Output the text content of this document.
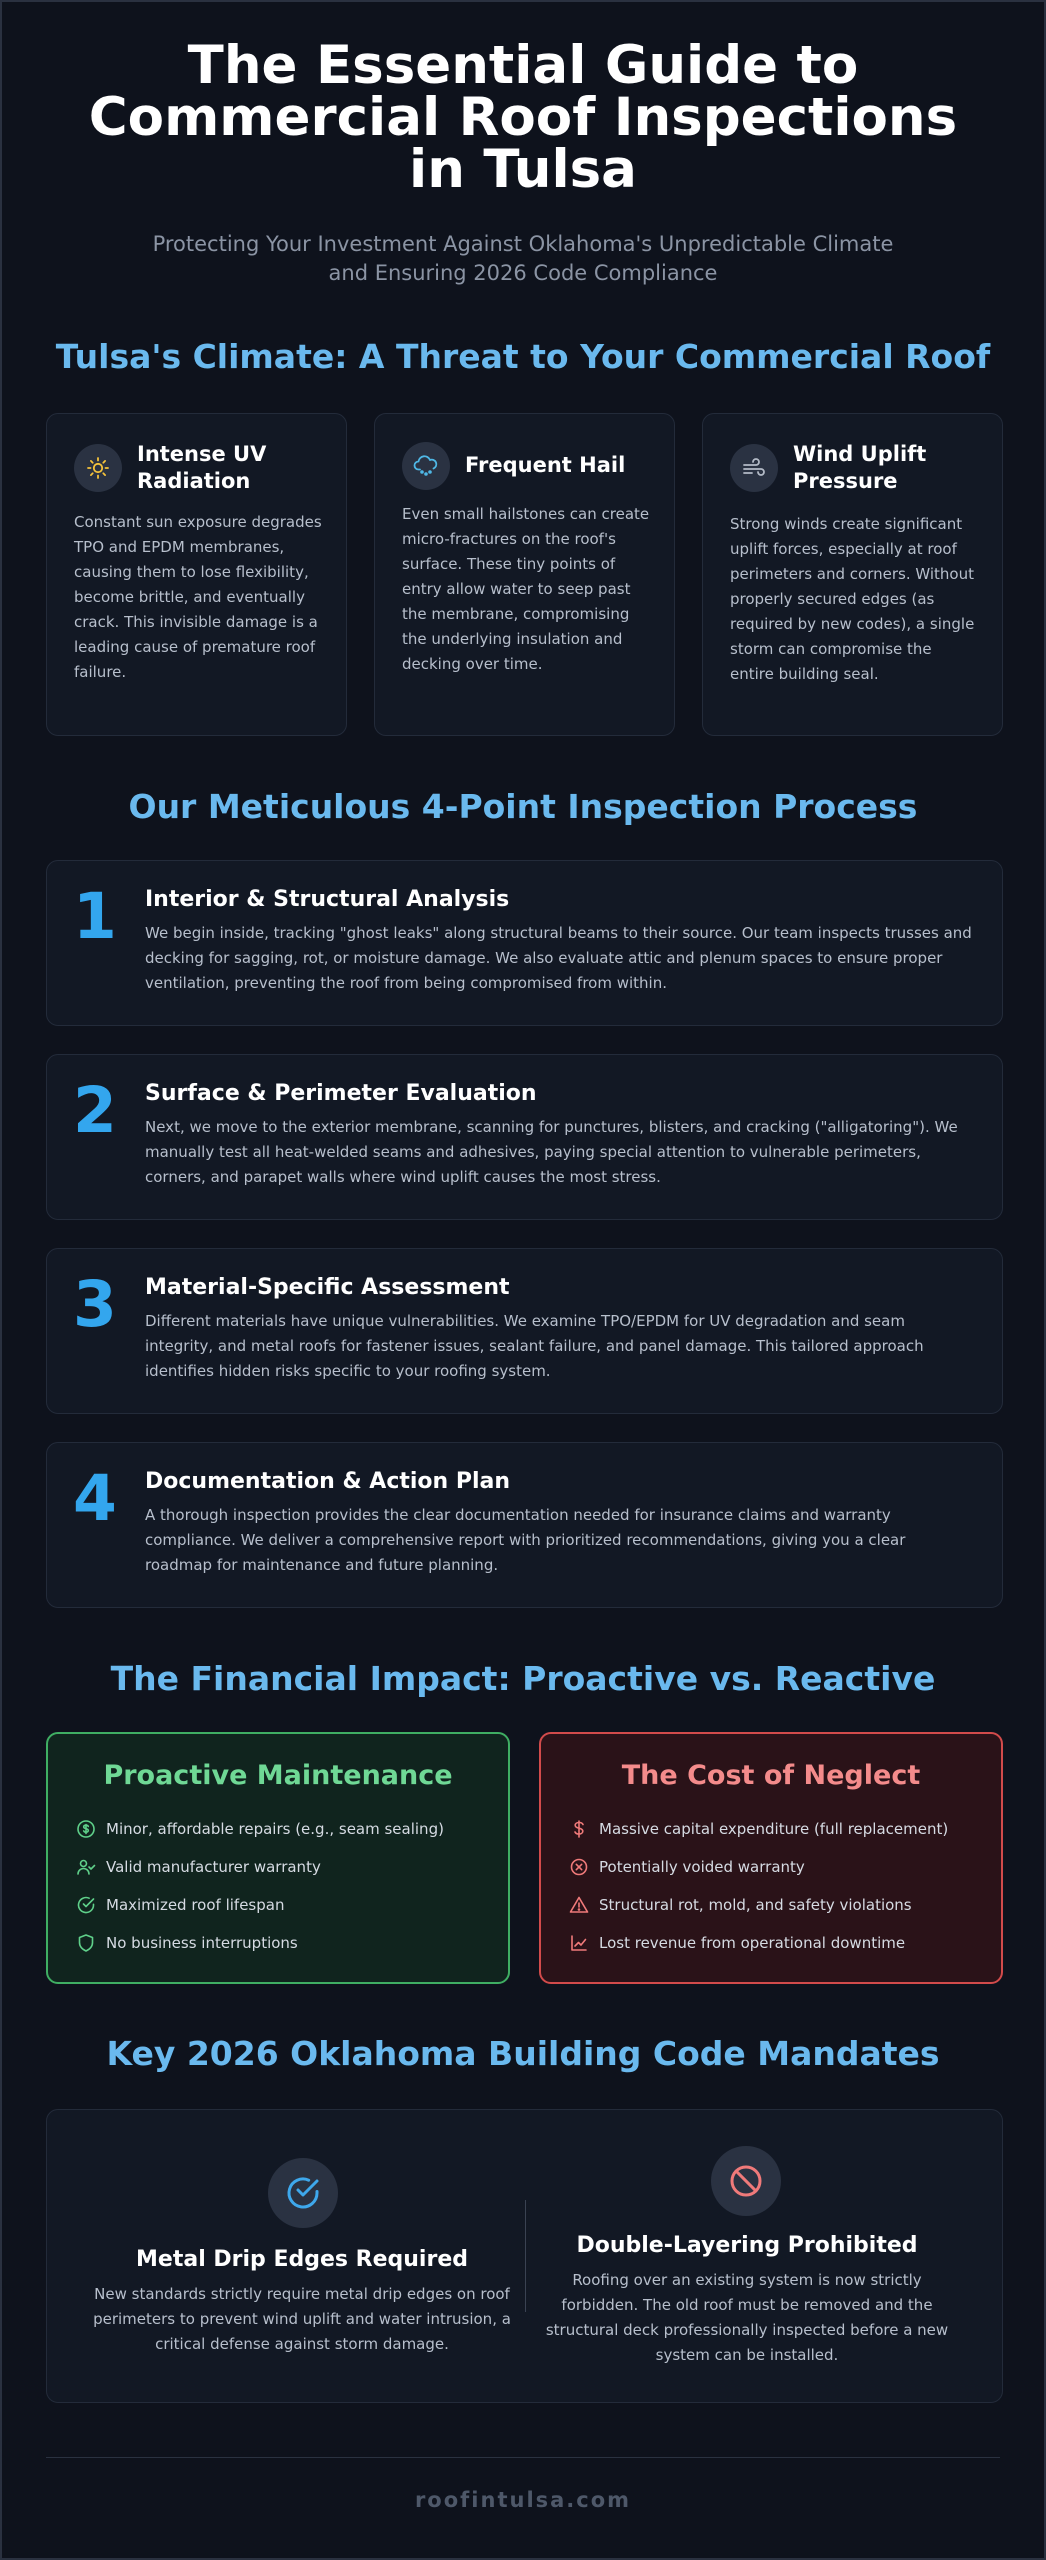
The Essential Guide to Commercial Roof Inspections in Tulsa
Protecting Your Investment Against Oklahoma's Unpredictable Climate and Ensuring 2026 Code Compliance
Tulsa's Climate: A Threat to Your Commercial Roof
Intense UV Radiation
Constant sun exposure degrades TPO and EPDM membranes, causing them to lose flexibility, become brittle, and eventually crack. This invisible damage is a leading cause of premature roof failure.
Frequent Hail
Even small hailstones can create micro-fractures on the roof's surface. These tiny points of entry allow water to seep past the membrane, compromising the underlying insulation and decking over time.
Wind Uplift Pressure
Strong winds create significant uplift forces, especially at roof perimeters and corners. Without properly secured edges (as required by new codes), a single storm can compromise the entire building seal.
Our Meticulous 4-Point Inspection Process
1 Interior & Structural Analysis
We begin inside, tracking "ghost leaks" along structural beams to their source. Our team inspects trusses and decking for sagging, rot, or moisture damage. We also evaluate attic and plenum spaces to ensure proper ventilation, preventing the roof from being compromised from within.
2 Surface & Perimeter Evaluation
Next, we move to the exterior membrane, scanning for punctures, blisters, and cracking ("alligatoring"). We manually test all heat-welded seams and adhesives, paying special attention to vulnerable perimeters, corners, and parapet walls where wind uplift causes the most stress.
3 Material-Specific Assessment
Different materials have unique vulnerabilities. We examine TPO/EPDM for UV degradation and seam integrity, and metal roofs for fastener issues, sealant failure, and panel damage. This tailored approach identifies hidden risks specific to your roofing system.
4 Documentation & Action Plan
A thorough inspection provides the clear documentation needed for insurance claims and warranty compliance. We deliver a comprehensive report with prioritized recommendations, giving you a clear roadmap for maintenance and future planning.
The Financial Impact: Proactive vs. Reactive
Proactive Maintenance
Minor, affordable repairs (e.g., seam sealing)
Valid manufacturer warranty
Maximized roof lifespan
No business interruptions
The Cost of Neglect
Massive capital expenditure (full replacement)
Potentially voided warranty
Structural rot, mold, and safety violations
Lost revenue from operational downtime
Key 2026 Oklahoma Building Code Mandates
Metal Drip Edges Required
New standards strictly require metal drip edges on roof perimeters to prevent wind uplift and water intrusion, a critical defense against storm damage.
Double-Layering Prohibited
Roofing over an existing system is now strictly forbidden. The old roof must be removed and the structural deck professionally inspected before a new system can be installed.
roofintulsa.com
